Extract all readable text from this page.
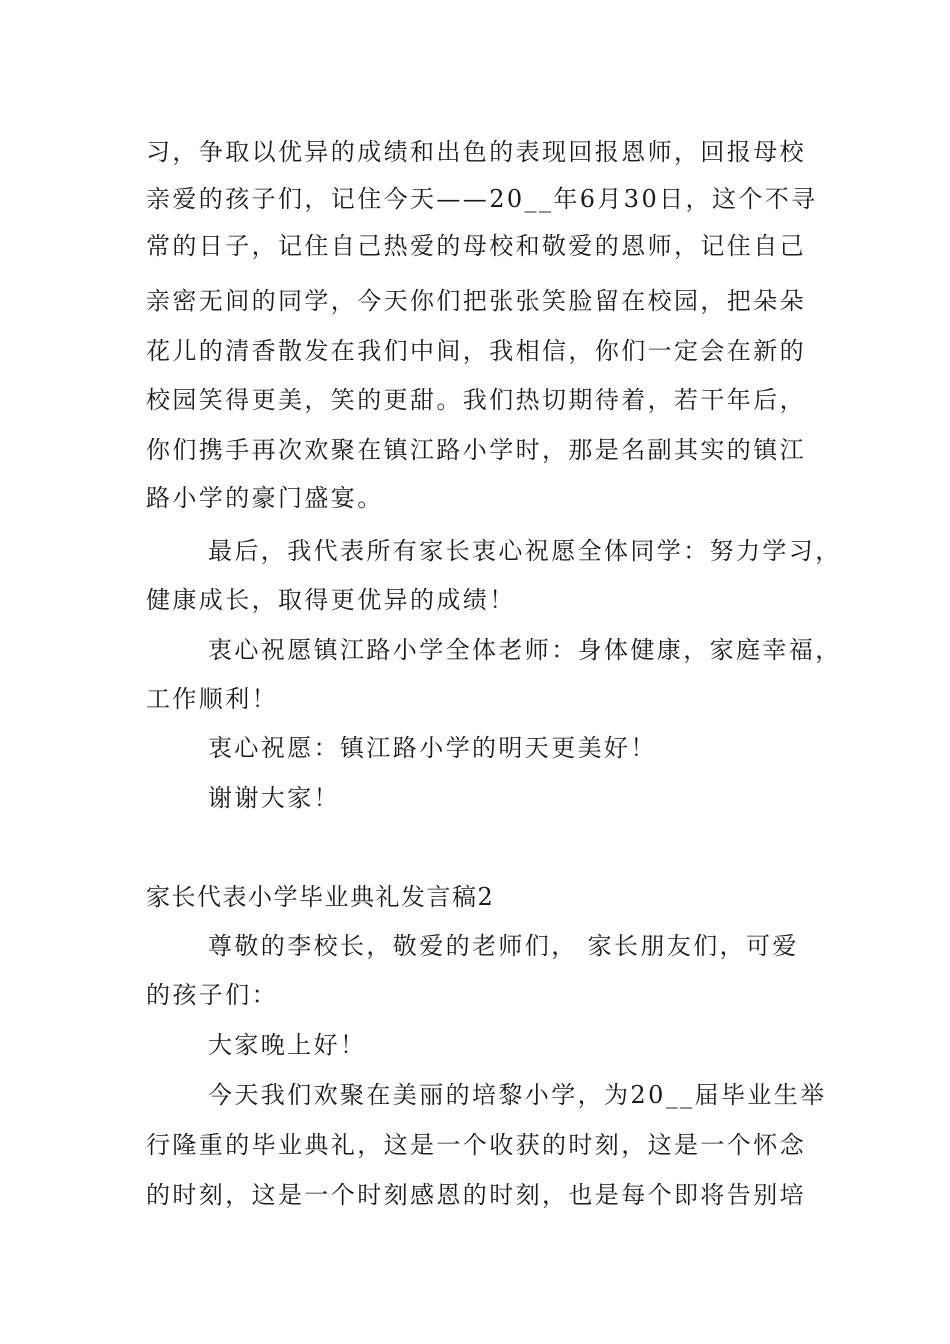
习，争取以优异的成绩和出色的表现回报恩师，回报母校
亲爱的孩子们，记住今天——20__年6月30日，这个不寻
常的日子，记住自己热爱的母校和敬爱的恩师，记住自己
亲密无间的同学，今天你们把张张笑脸留在校园，把朵朵
花儿的清香散发在我们中间，我相信，你们一定会在新的
校园笑得更美，笑的更甜。我们热切期待着，若干年后，
你们携手再次欢聚在镇江路小学时，那是名副其实的镇江
路小学的豪门盛宴。
最后，我代表所有家长衷心祝愿全体同学：努力学习，
健康成长，取得更优异的成绩！
衷心祝愿镇江路小学全体老师：身体健康，家庭幸福，
工作顺利！
衷心祝愿：镇江路小学的明天更美好！
谢谢大家！
家长代表小学毕业典礼发言稿2
尊敬的李校长，敬爱的老师们， 家长朋友们，可爱
的孩子们：
大家晚上好！
今天我们欢聚在美丽的培黎小学，为20__届毕业生举
行隆重的毕业典礼，这是一个收获的时刻，这是一个怀念
的时刻，这是一个时刻感恩的时刻，也是每个即将告别培
